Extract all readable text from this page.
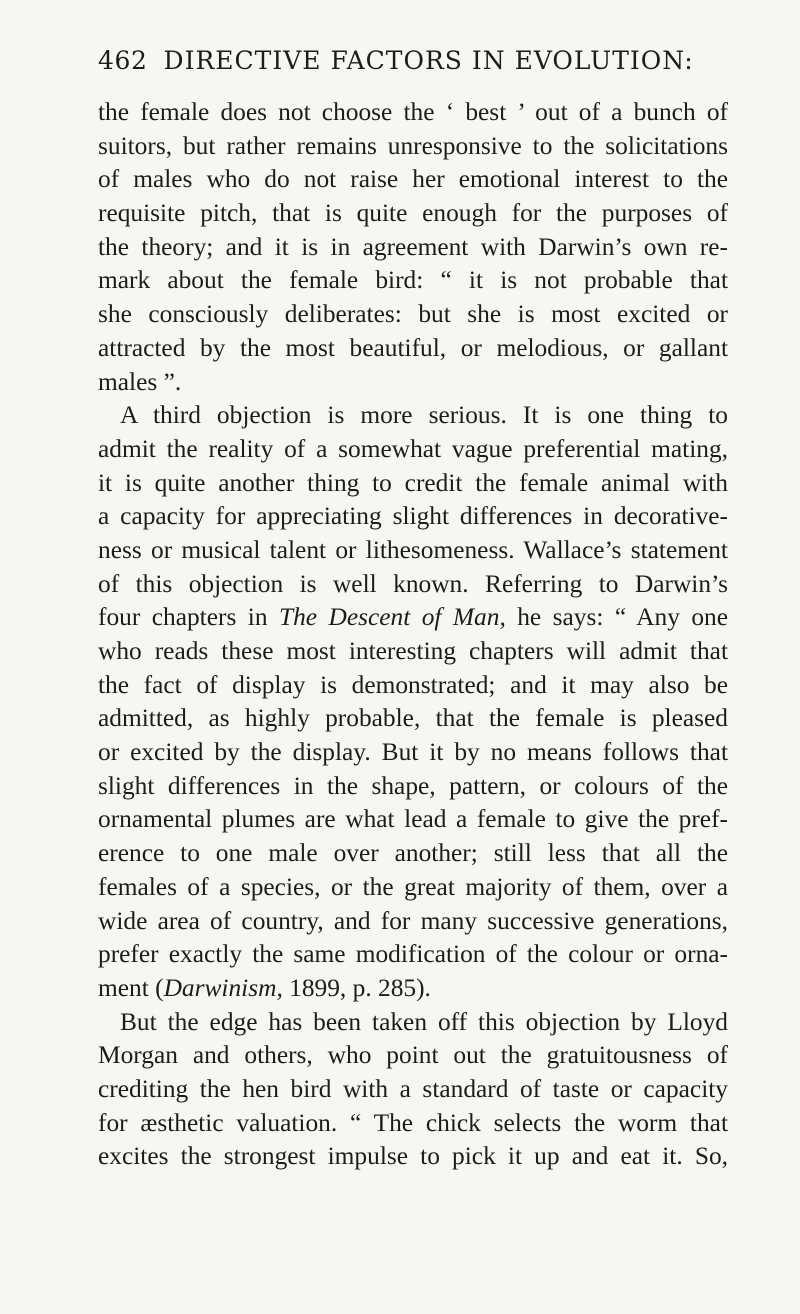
462 DIRECTIVE FACTORS IN EVOLUTION:
the female does not choose the ‘ best ’ out of a bunch of
suitors, but rather remains unresponsive to the solicitations
of males who do not raise her emotional interest to the
requisite pitch, that is quite enough for the purposes of
the theory; and it is in agreement with Darwin’s own re-
mark about the female bird: “ it is not probable that
she consciously deliberates: but she is most excited or
attracted by the most beautiful, or melodious, or gallant
males ”.
A third objection is more serious. It is one thing to
admit the reality of a somewhat vague preferential mating,
it is quite another thing to credit the female animal with
a capacity for appreciating slight differences in decorative-
ness or musical talent or lithesomeness. Wallace’s statement
of this objection is well known. Referring to Darwin’s
four chapters in The Descent of Man, he says: “ Any one
who reads these most interesting chapters will admit that
the fact of display is demonstrated; and it may also be
admitted, as highly probable, that the female is pleased
or excited by the display. But it by no means follows that
slight differences in the shape, pattern, or colours of the
ornamental plumes are what lead a female to give the pref-
erence to one male over another; still less that all the
females of a species, or the great majority of them, over a
wide area of country, and for many successive generations,
prefer exactly the same modification of the colour or orna-
ment (Darwinism, 1899, p. 285).
But the edge has been taken off this objection by Lloyd
Morgan and others, who point out the gratuitousness of
crediting the hen bird with a standard of taste or capacity
for æsthetic valuation. “ The chick selects the worm that
excites the strongest impulse to pick it up and eat it. So,
